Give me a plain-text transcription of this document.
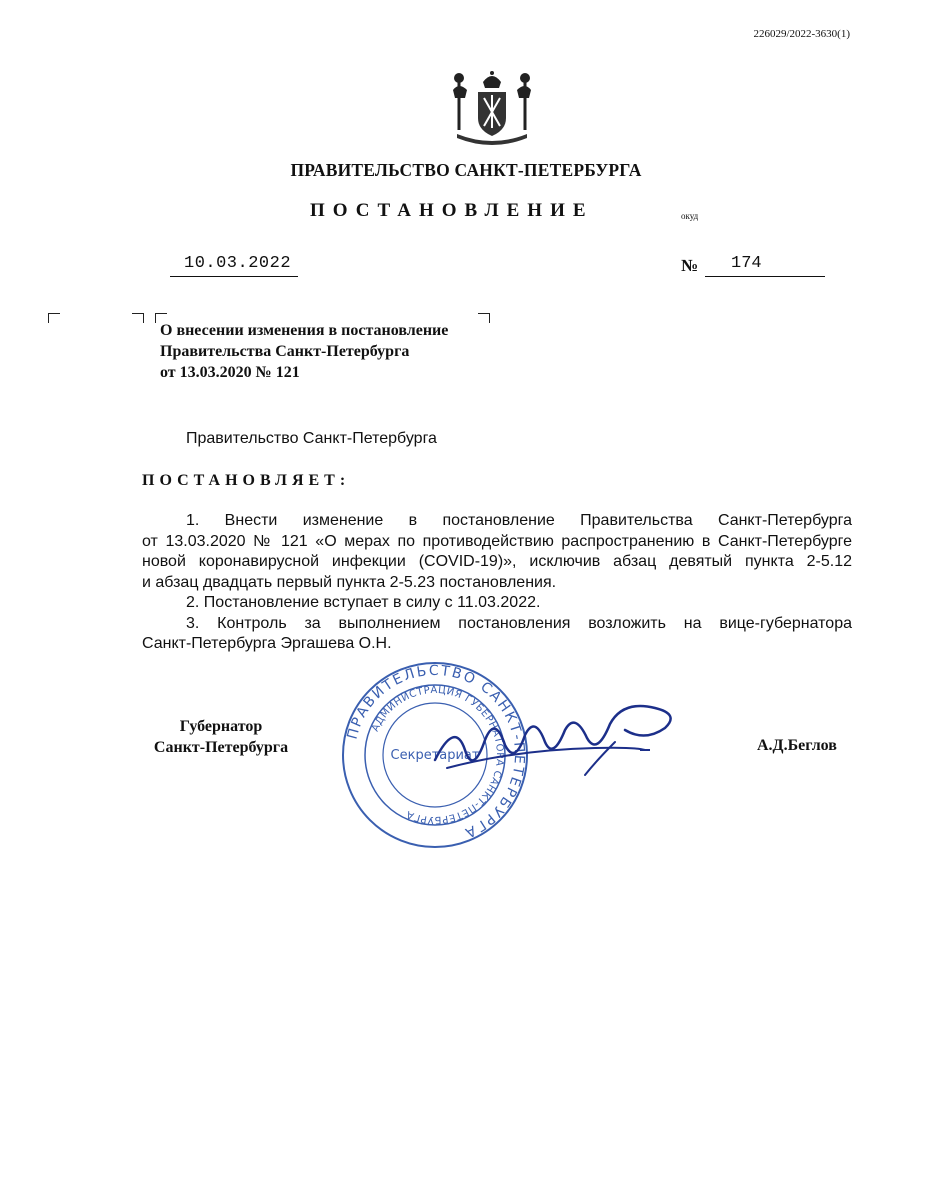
226029/2022-3630(1)
ПРАВИТЕЛЬСТВО САНКТ-ПЕТЕРБУРГА
ПОСТАНОВЛЕНИЕ	окуд
10.03.2022	№ 174
О внесении изменения в постановление
Правительства Санкт-Петербурга
от 13.03.2020 № 121
Правительство Санкт-Петербурга
ПОСТАНОВЛЯЕТ:

1. Внести изменение в постановление Правительства Санкт-Петербурга

от 13.03.2020 № 121 «О мерах по противодействию распространению в Санкт-Петербурге

новой коронавирусной инфекции (COVID-19)», исключив абзац девятый пункта 2-5.12

и абзац двадцать первый пункта 2-5.23 постановления.

2. Постановление вступает в силу с 11.03.2022.

3. Контроль за выполнением постановления возложить на вице-губернатора

Санкт-Петербурга Эргашева О.Н.

Губернатор
Санкт-Петербурга	А.Д.Беглов
ПРАВИТЕЛЬСТВО САНКТ-ПЕТЕРБУРГА
АДМИНИСТРАЦИЯ ГУБЕРНАТОРА САНКТ-ПЕТЕРБУРГА
Секретариат
